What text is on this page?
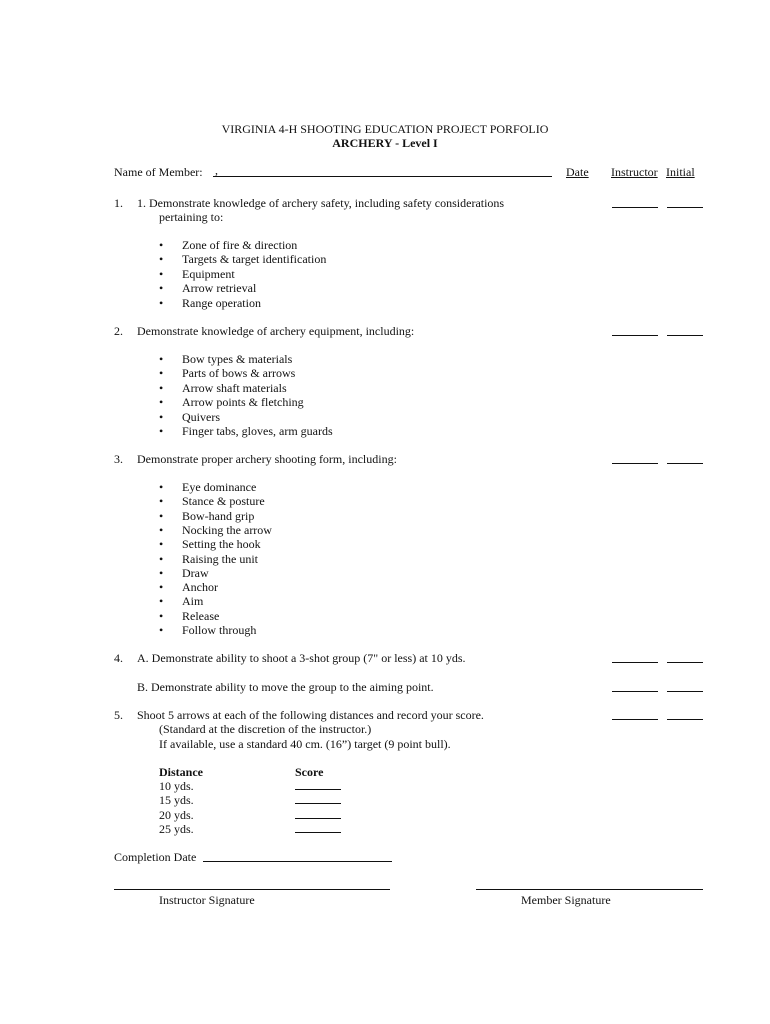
VIRGINIA 4-H SHOOTING EDUCATION PROJECT PORFOLIO
ARCHERY - Level I
Name of Member: ,	Date Instructor Initial
1. 1. Demonstrate knowledge of archery safety, including safety considerations
pertaining to:
•	Zone of fire & direction
•	Targets & target identification
•	Equipment
•	Arrow retrieval
•	Range operation
2. Demonstrate knowledge of archery equipment, including:
•	Bow types & materials
•	Parts of bows & arrows
•	Arrow shaft materials
•	Arrow points & fletching
•	Quivers
•	Finger tabs, gloves, arm guards
3. Demonstrate proper archery shooting form, including:
•	Eye dominance
•	Stance & posture
•	Bow-hand grip
•	Nocking the arrow
•	Setting the hook
•	Raising the unit
•	Draw
•	Anchor
•	Aim
•	Release
•	Follow through
4. A. Demonstrate ability to shoot a 3-shot group (7" or less) at 10 yds.
B. Demonstrate ability to move the group to the aiming point.
5. Shoot 5 arrows at each of the following distances and record your score.
(Standard at the discretion of the instructor.)
If available, use a standard 40 cm. (16”) target (9 point bull).
Distance	Score
10 yds.
15 yds.
20 yds.
25 yds.
Completion Date
Instructor Signature	Member Signature
